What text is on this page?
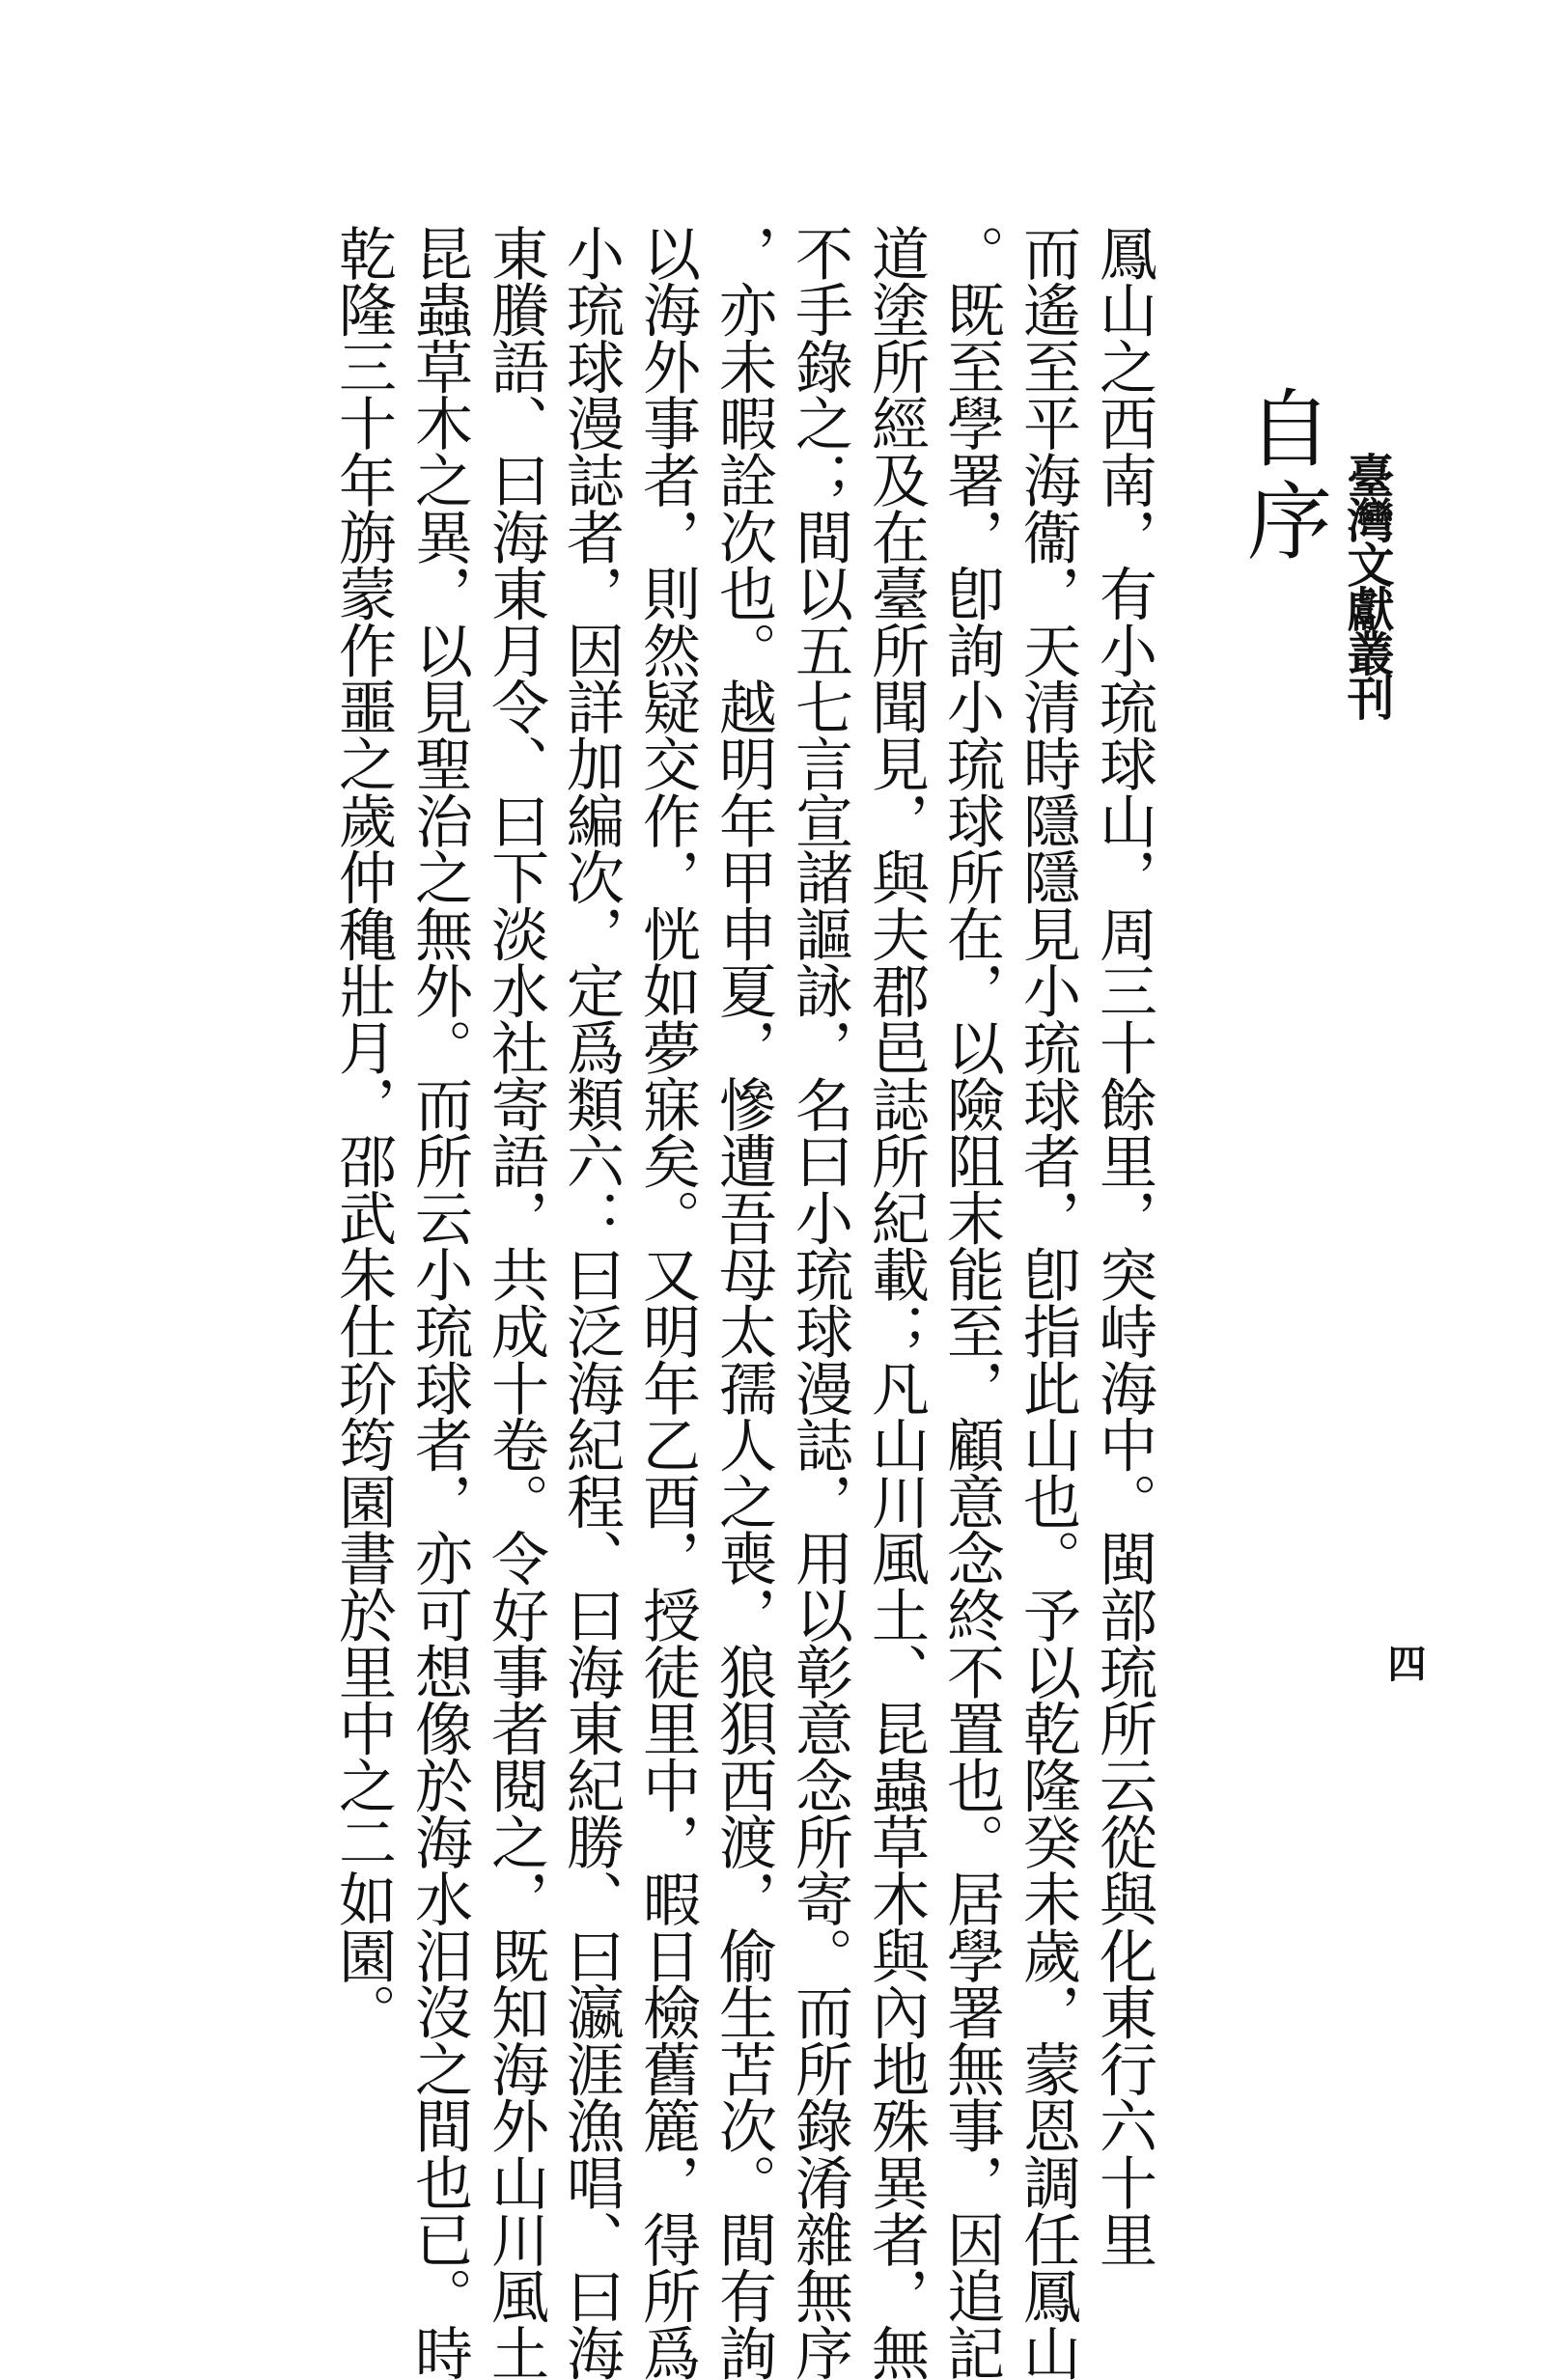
臺灣文獻叢刊
四
自序
鳳山之西南，有小琉球山，周三十餘里，突峙海中。閩部琉所云從與化東行六十里
而遙至平海衞，天清時隱隱見小琉球者，卽指此山也。予以乾隆癸未歲，蒙恩調任鳳山
。既至學署，卽詢小琉球所在，以險阻末能至，顧意念終不置也。居學署無事，因追記
道塗所經及在臺所聞見，與夫郡邑誌所紀載；凡山川風土、昆蟲草木與內地殊異者，無
不手錄之；間以五七言宣諸謳詠，名曰小琉球漫誌，用以彰意念所寄。而所錄淆雜無序
，亦未暇詮次也。越明年甲申夏，慘遭吾母太孺人之喪，狼狽西渡，偷生苫次。間有詢
以海外事者，則然疑交作，恍如夢寐矣。又明年乙酉，授徒里中，暇日檢舊簏，得所爲
小琉球漫誌者，因詳加編次，定爲類六：曰泛海紀程、曰海東紀勝、曰瀛涯漁唱、曰海
東賸語、曰海東月令、曰下淡水社寄語，共成十卷。令好事者閱之，既知海外山川風土
昆蟲草木之異，以見聖治之無外。而所云小琉球者，亦可想像於海水汨沒之間也已。時
乾隆三十年旃蒙作噩之歲仲穐壯月，邵武朱仕玠筠園書於里中之二如園。
